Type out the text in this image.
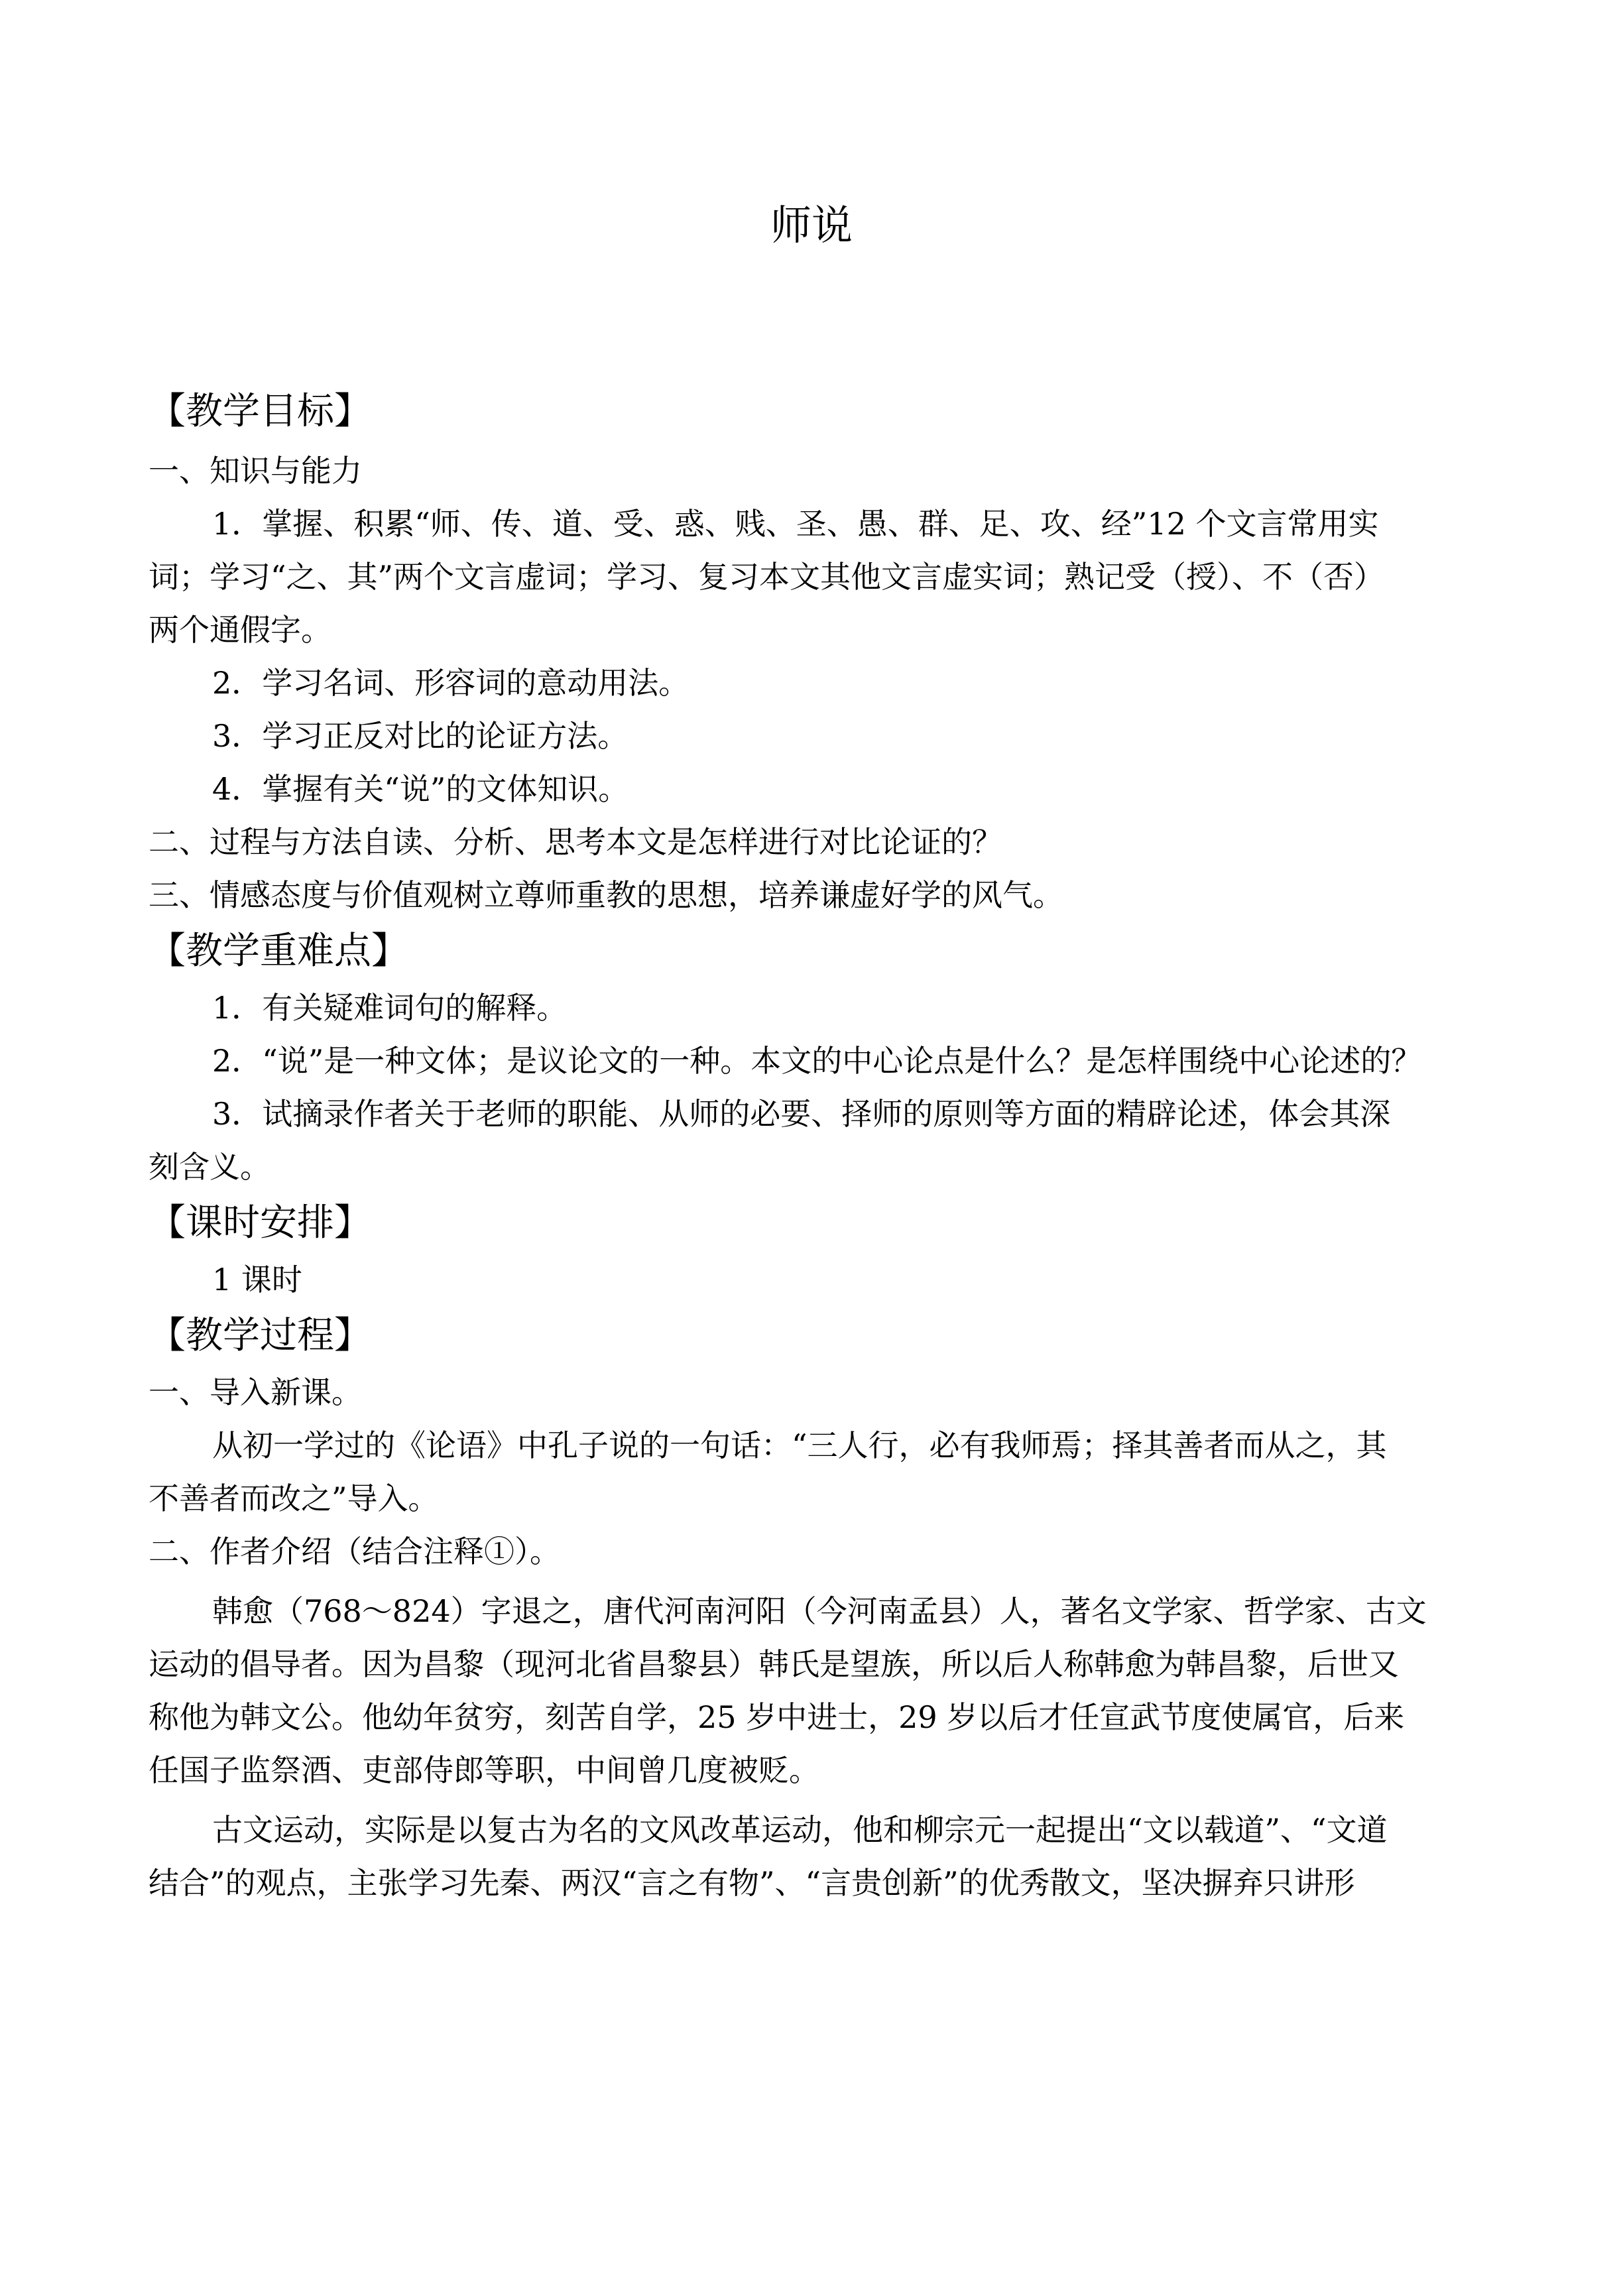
师说

【教学目标】

一、知识与能力

1．掌握、积累“师、传、道、受、惑、贱、圣、愚、群、足、攻、经”12 个文言常用实

词；学习“之、其”两个文言虚词；学习、复习本文其他文言虚实词；熟记受（授）、不（否）

两个通假字。

2．学习名词、形容词的意动用法。

3．学习正反对比的论证方法。

4．掌握有关“说”的文体知识。

二、过程与方法自读、分析、思考本文是怎样进行对比论证的？

三、情感态度与价值观树立尊师重教的思想，培养谦虚好学的风气。

【教学重难点】

1．有关疑难词句的解释。

2．“说”是一种文体；是议论文的一种。本文的中心论点是什么？是怎样围绕中心论述的？

3．试摘录作者关于老师的职能、从师的必要、择师的原则等方面的精辟论述，体会其深

刻含义。

【课时安排】

1 课时

【教学过程】

一、导入新课。

从初一学过的《论语》中孔子说的一句话：“三人行，必有我师焉；择其善者而从之，其

不善者而改之”导入。

二、作者介绍（结合注释①）。

韩愈（768～824）字退之，唐代河南河阳（今河南孟县）人，著名文学家、哲学家、古文

运动的倡导者。因为昌黎（现河北省昌黎县）韩氏是望族，所以后人称韩愈为韩昌黎，后世又

称他为韩文公。他幼年贫穷，刻苦自学，25 岁中进士，29 岁以后才任宣武节度使属官，后来

任国子监祭酒、吏部侍郎等职，中间曾几度被贬。

古文运动，实际是以复古为名的文风改革运动，他和柳宗元一起提出“文以载道”、“文道

结合”的观点，主张学习先秦、两汉“言之有物”、“言贵创新”的优秀散文，坚决摒弃只讲形
